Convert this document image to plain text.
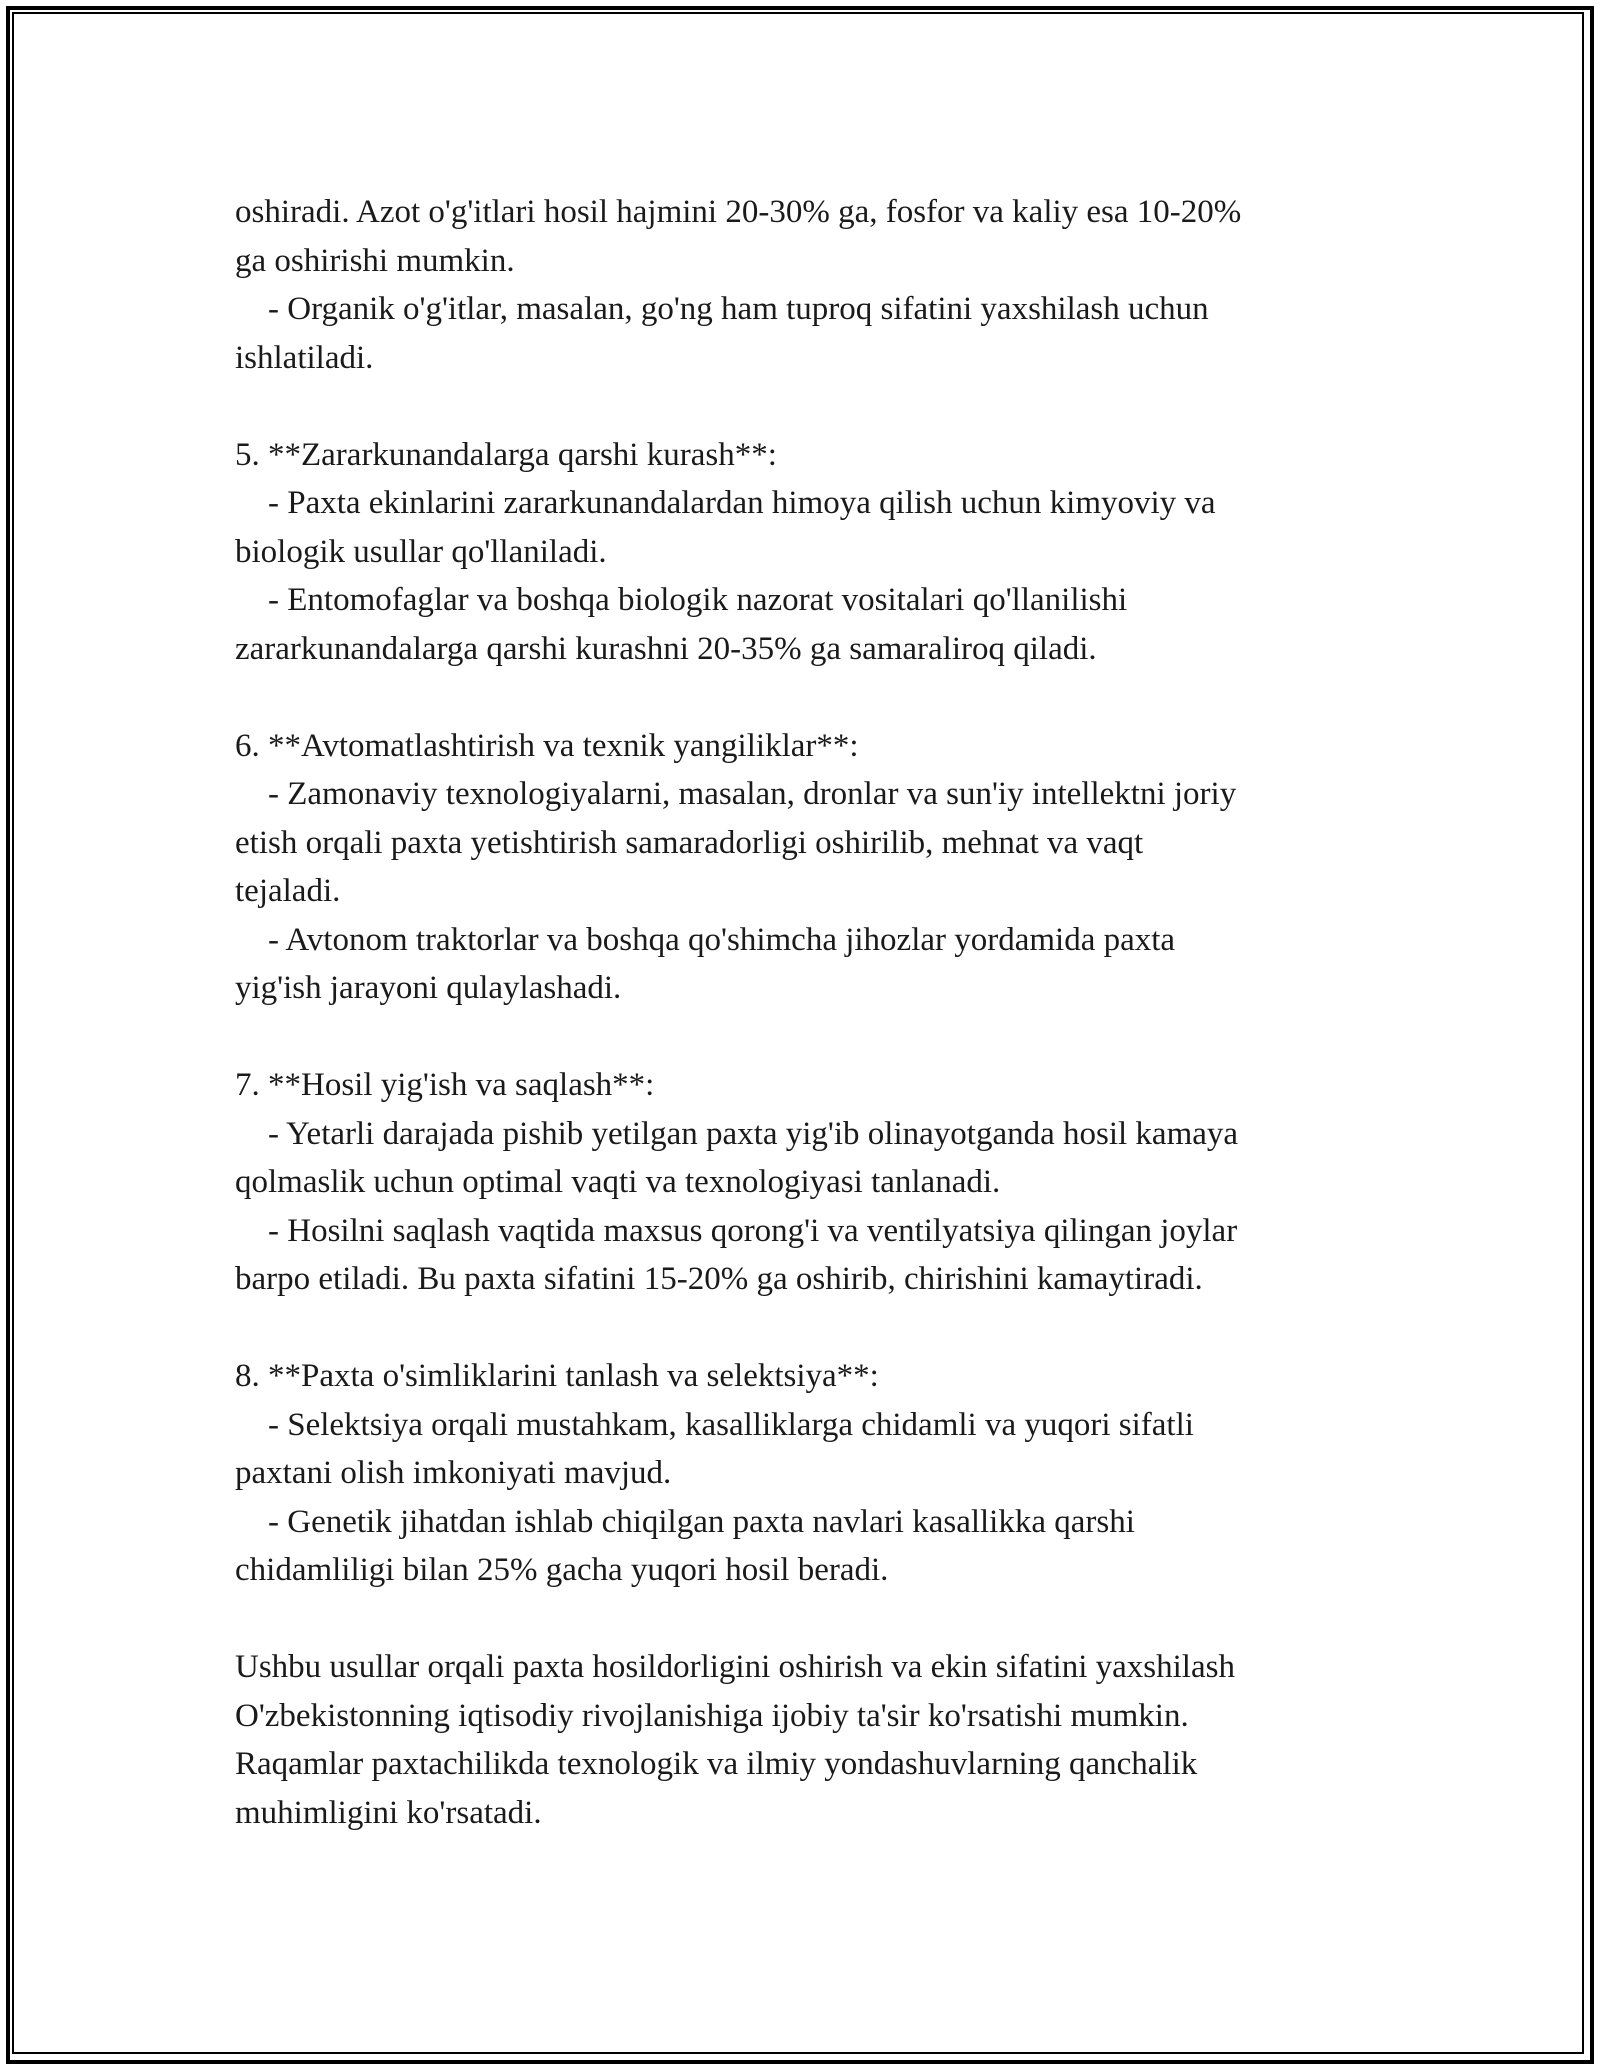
oshiradi. Azot o'g'itlari hosil hajmini 20-30% ga, fosfor va kaliy esa 10-20%
ga oshirishi mumkin.
- Organik o'g'itlar, masalan, go'ng ham tuproq sifatini yaxshilash uchun
ishlatiladi.
5. **Zararkunandalarga qarshi kurash**:
- Paxta ekinlarini zararkunandalardan himoya qilish uchun kimyoviy va
biologik usullar qo'llaniladi.
- Entomofaglar va boshqa biologik nazorat vositalari qo'llanilishi
zararkunandalarga qarshi kurashni 20-35% ga samaraliroq qiladi.
6. **Avtomatlashtirish va texnik yangiliklar**:
- Zamonaviy texnologiyalarni, masalan, dronlar va sun'iy intellektni joriy
etish orqali paxta yetishtirish samaradorligi oshirilib, mehnat va vaqt
tejaladi.
- Avtonom traktorlar va boshqa qo'shimcha jihozlar yordamida paxta
yig'ish jarayoni qulaylashadi.
7. **Hosil yig'ish va saqlash**:
- Yetarli darajada pishib yetilgan paxta yig'ib olinayotganda hosil kamaya
qolmaslik uchun optimal vaqti va texnologiyasi tanlanadi.
- Hosilni saqlash vaqtida maxsus qorong'i va ventilyatsiya qilingan joylar
barpo etiladi. Bu paxta sifatini 15-20% ga oshirib, chirishini kamaytiradi.
8. **Paxta o'simliklarini tanlash va selektsiya**:
- Selektsiya orqali mustahkam, kasalliklarga chidamli va yuqori sifatli
paxtani olish imkoniyati mavjud.
- Genetik jihatdan ishlab chiqilgan paxta navlari kasallikka qarshi
chidamliligi bilan 25% gacha yuqori hosil beradi.
Ushbu usullar orqali paxta hosildorligini oshirish va ekin sifatini yaxshilash
O'zbekistonning iqtisodiy rivojlanishiga ijobiy ta'sir ko'rsatishi mumkin.
Raqamlar paxtachilikda texnologik va ilmiy yondashuvlarning qanchalik
muhimligini ko'rsatadi.
